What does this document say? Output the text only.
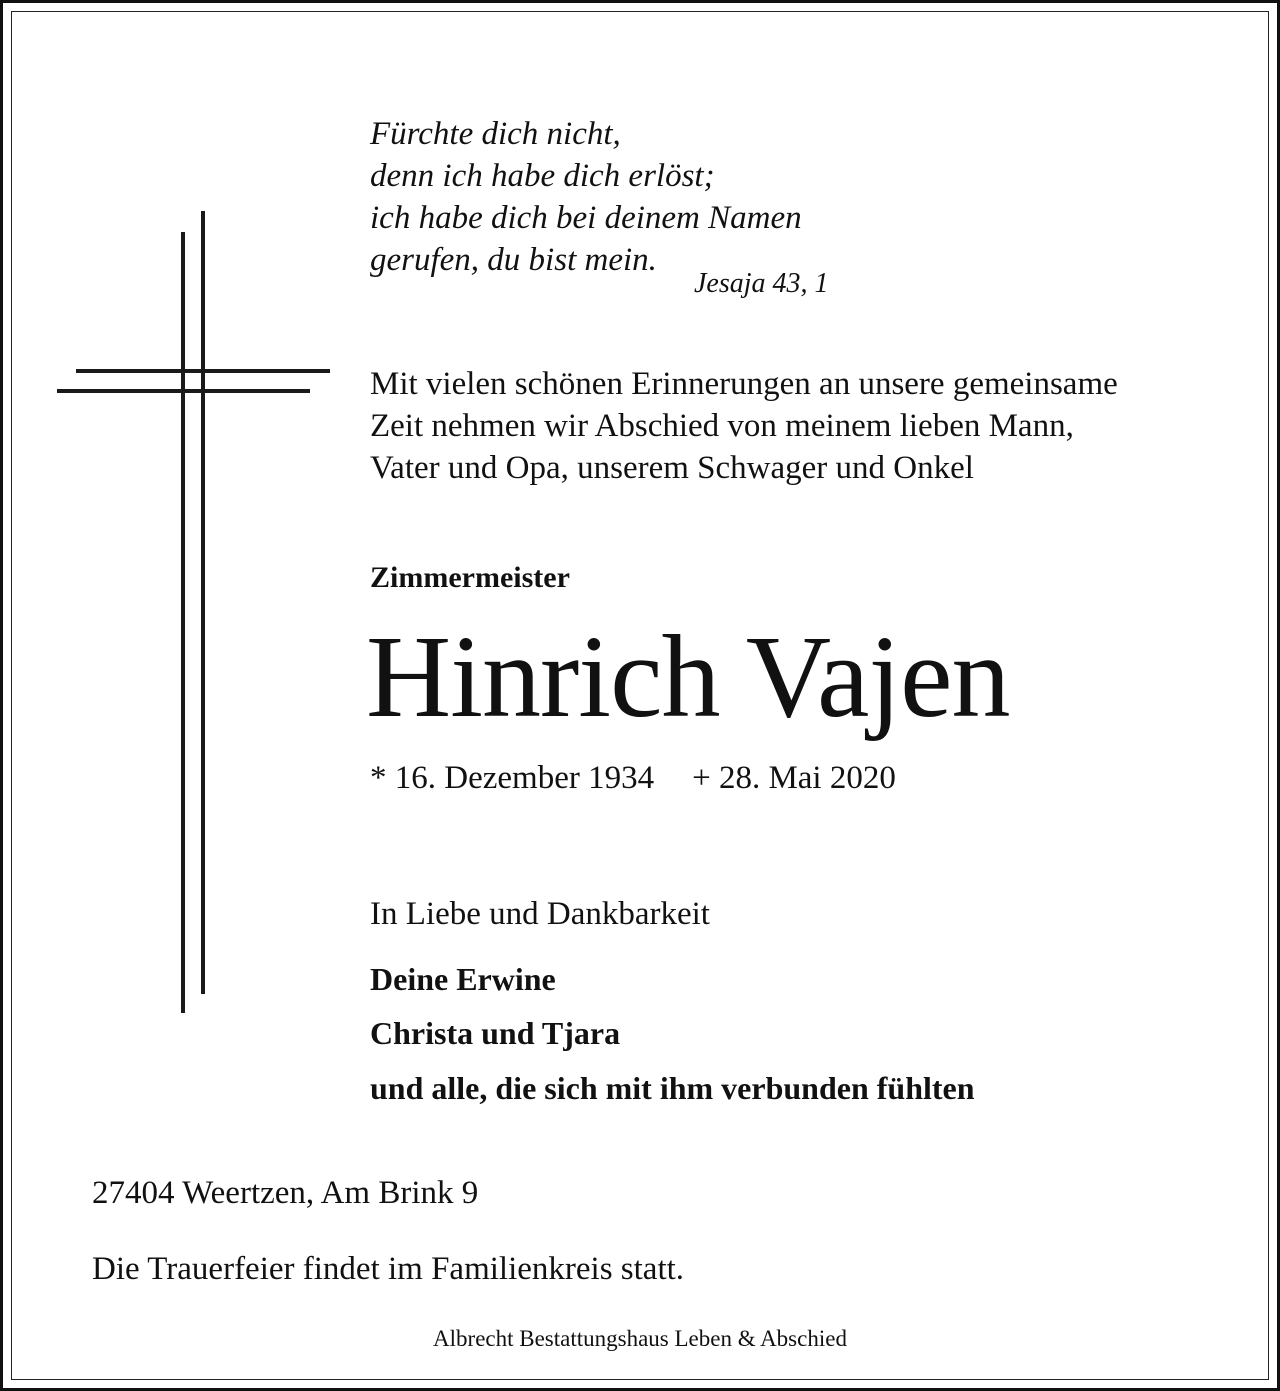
Fürchte dich nicht,
denn ich habe dich erlöst;
ich habe dich bei deinem Namen
gerufen, du bist mein.
Jesaja 43, 1
Mit vielen schönen Erinnerungen an unsere gemeinsame
Zeit nehmen wir Abschied von meinem lieben Mann,
Vater und Opa, unserem Schwager und Onkel
Zimmermeister
Hinrich Vajen
* 16. Dezember 1934 + 28. Mai 2020
In Liebe und Dankbarkeit
Deine Erwine
Christa und Tjara
und alle, die sich mit ihm verbunden fühlten
27404 Weertzen, Am Brink 9
Die Trauerfeier findet im Familienkreis statt.
Albrecht Bestattungshaus Leben & Abschied
